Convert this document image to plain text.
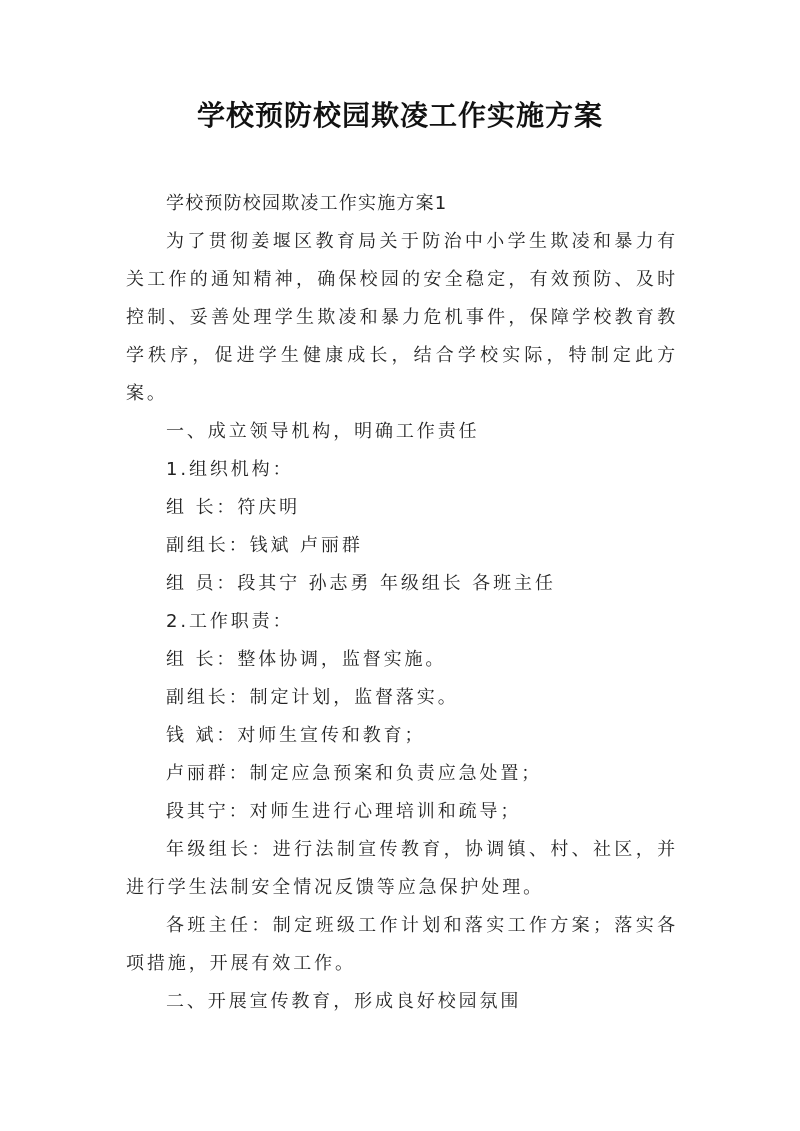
学校预防校园欺凌工作实施方案

学校预防校园欺凌工作实施方案1

为了贯彻姜堰区教育局关于防治中小学生欺凌和暴力有关工作的通知精神，确保校园的安全稳定，有效预防、及时控制、妥善处理学生欺凌和暴力危机事件，保障学校教育教学秩序，促进学生健康成长，结合学校实际，特制定此方案。

一、成立领导机构，明确工作责任

1.组织机构：

组 长：符庆明

副组长：钱斌 卢丽群

组 员：段其宁 孙志勇 年级组长 各班主任

2.工作职责：

组 长：整体协调，监督实施。

副组长：制定计划，监督落实。

钱 斌：对师生宣传和教育；

卢丽群：制定应急预案和负责应急处置；

段其宁：对师生进行心理培训和疏导；

年级组长：进行法制宣传教育，协调镇、村、社区，并进行学生法制安全情况反馈等应急保护处理。

各班主任：制定班级工作计划和落实工作方案；落实各项措施，开展有效工作。

二、开展宣传教育，形成良好校园氛围
